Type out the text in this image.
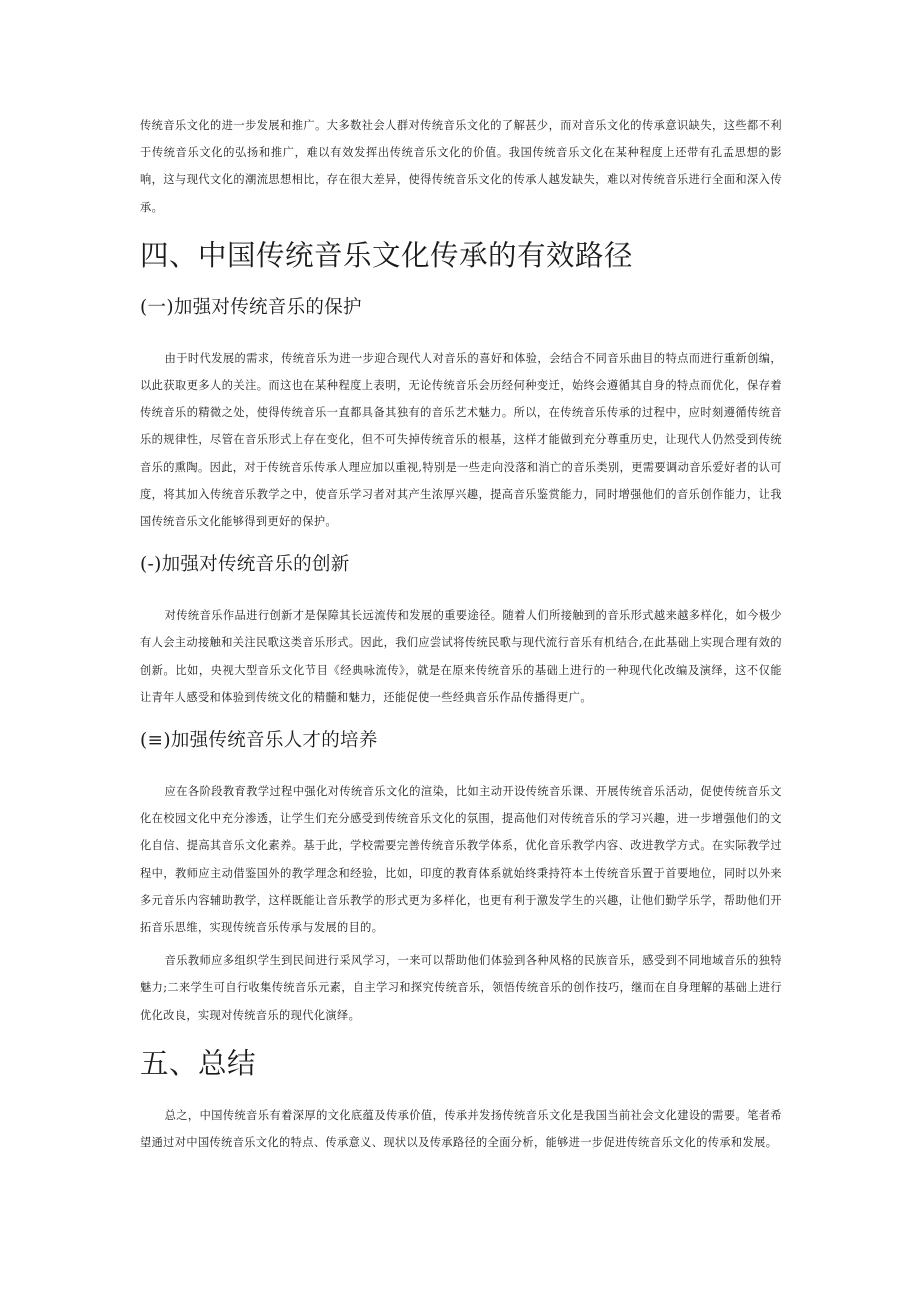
传统音乐文化的进一步发展和推广。大多数社会人群对传统音乐文化的了解甚少，而对音乐文化的传承意识缺失，这些都不利于传统音乐文化的弘扬和推广，难以有效发挥出传统音乐文化的价值。我国传统音乐文化在某种程度上还带有孔孟思想的影响，这与现代文化的潮流思想相比，存在很大差异，使得传统音乐文化的传承人越发缺失，难以对传统音乐进行全面和深入传承。

四、中国传统音乐文化传承的有效路径
(一)加强对传统音乐的保护

由于时代发展的需求，传统音乐为进一步迎合现代人对音乐的喜好和体验，会结合不同音乐曲目的特点而进行重新创编，以此获取更多人的关注。而这也在某种程度上表明，无论传统音乐会历经何种变迁，始终会遵循其自身的特点而优化，保存着传统音乐的精微之处，使得传统音乐一直都具备其独有的音乐艺术魅力。所以，在传统音乐传承的过程中，应时刻遵循传统音乐的规律性，尽管在音乐形式上存在变化，但不可失掉传统音乐的根基，这样才能做到充分尊重历史，让现代人仍然受到传统音乐的熏陶。因此，对于传统音乐传承人理应加以重视,特别是一些走向没落和消亡的音乐类别，更需要调动音乐爱好者的认可度，将其加入传统音乐教学之中，使音乐学习者对其产生浓厚兴趣，提高音乐鉴赏能力，同时增强他们的音乐创作能力，让我国传统音乐文化能够得到更好的保护。

(-)加强对传统音乐的创新

对传统音乐作品进行创新才是保障其长远流传和发展的重要途径。随着人们所接触到的音乐形式越来越多样化，如今极少有人会主动接触和关注民歌这类音乐形式。因此，我们应尝试将传统民歌与现代流行音乐有机结合,在此基础上实现合理有效的创新。比如，央视大型音乐文化节目《经典咏流传》，就是在原来传统音乐的基础上进行的一种现代化改编及演绎，这不仅能让青年人感受和体验到传统文化的精髓和魅力，还能促使一些经典音乐作品传播得更广。

(≡)加强传统音乐人才的培养

应在各阶段教育教学过程中强化对传统音乐文化的渲染，比如主动开设传统音乐课、开展传统音乐活动，促使传统音乐文化在校园文化中充分渗透，让学生们充分感受到传统音乐文化的氛围，提高他们对传统音乐的学习兴趣，进一步增强他们的文化自信、提高其音乐文化素养。基于此，学校需要完善传统音乐教学体系，优化音乐教学内容、改进教学方式。在实际教学过程中，教师应主动借鉴国外的教学理念和经验，比如，印度的教育体系就始终秉持符本土传统音乐置于首要地位，同时以外来多元音乐内容辅助教学，这样既能让音乐教学的形式更为多样化，也更有利于激发学生的兴趣，让他们勤学乐学，帮助他们开拓音乐思维，实现传统音乐传承与发展的目的。

音乐教师应多组织学生到民间进行采风学习，一来可以帮助他们体验到各种风格的民族音乐，感受到不同地域音乐的独特魅力;二来学生可自行收集传统音乐元素，自主学习和探究传统音乐，领悟传统音乐的创作技巧，继而在自身理解的基础上进行优化改良，实现对传统音乐的现代化演绎。

五、总结

总之，中国传统音乐有着深厚的文化底蕴及传承价值，传承并发扬传统音乐文化是我国当前社会文化建设的需要。笔者希望通过对中国传统音乐文化的特点、传承意义、现状以及传承路径的全面分析，能够进一步促进传统音乐文化的传承和发展。
